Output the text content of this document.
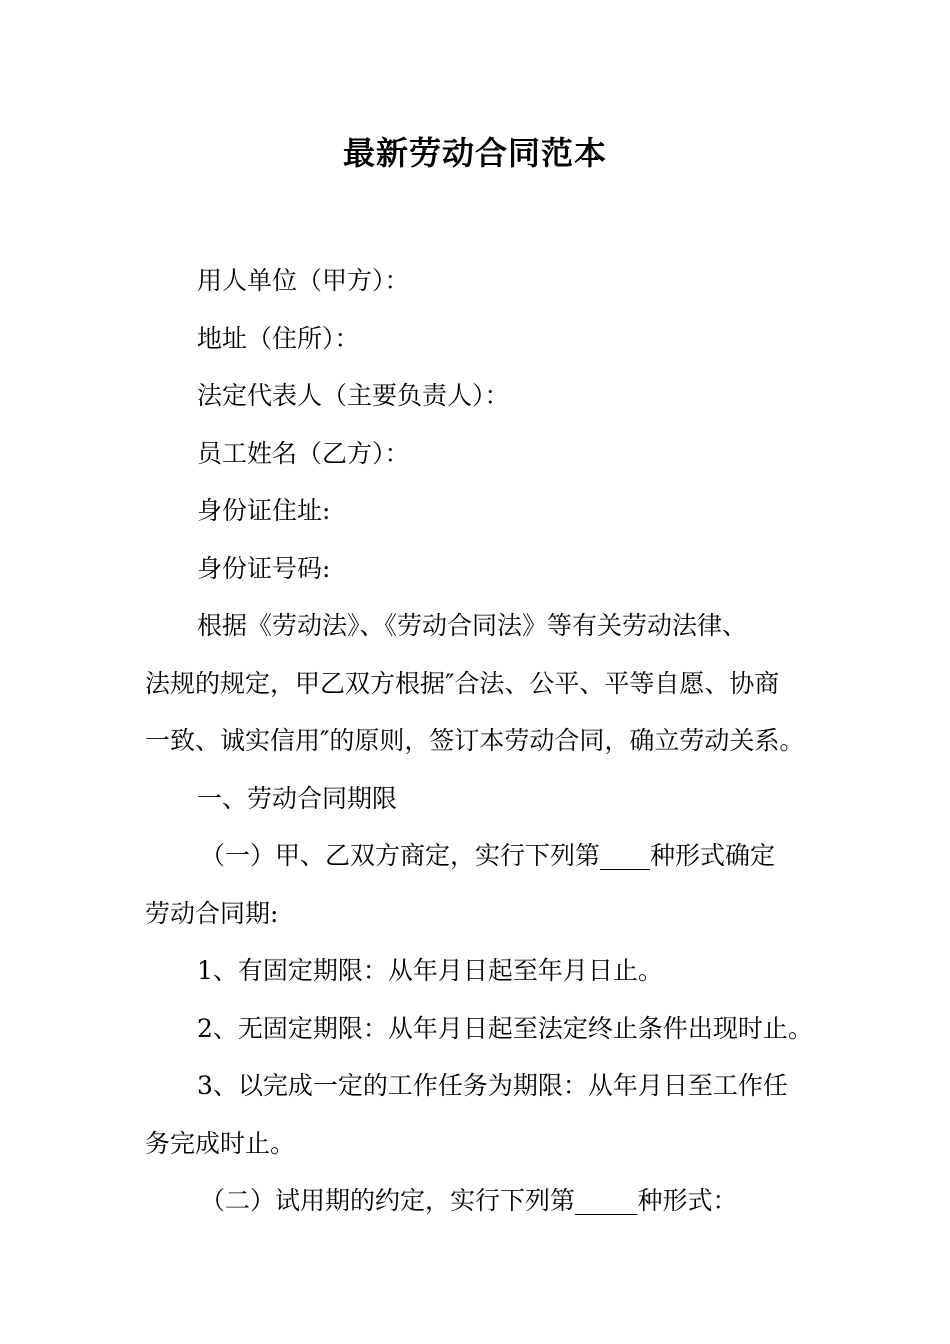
最新劳动合同范本

用人单位（甲方）：

地址（住所）：

法定代表人（主要负责人）：

员工姓名（乙方）：

身份证住址:

身份证号码:

根据《劳动法》、《劳动合同法》等有关劳动法律、
法规的规定，甲乙双方根据″合法、公平、平等自愿、协商
一致、诚实信用″的原则，签订本劳动合同，确立劳动关系。

一、劳动合同期限

（一）甲、乙双方商定，实行下列第____种形式确定
劳动合同期:

1、有固定期限：从年月日起至年月日止。

2、无固定期限：从年月日起至法定终止条件出现时止。

3、以完成一定的工作任务为期限：从年月日至工作任
务完成时止。

（二）试用期的约定，实行下列第_____种形式：
